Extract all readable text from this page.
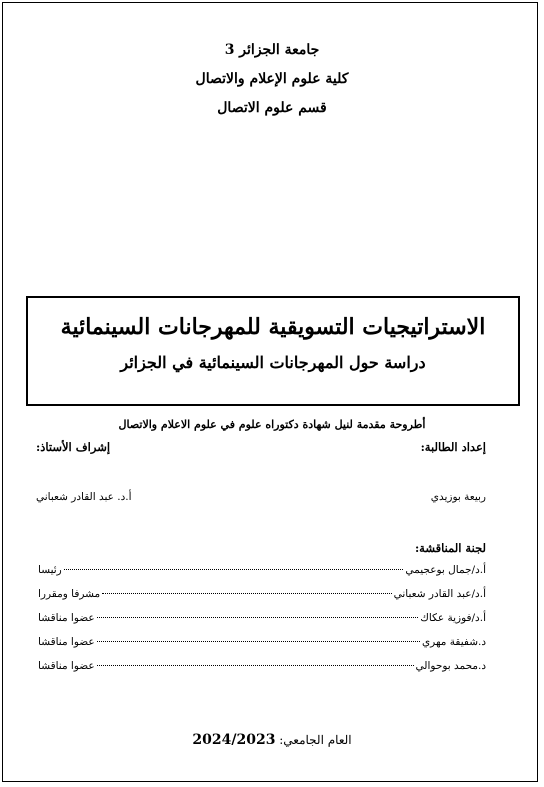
جامعة الجزائر 3
كلية علوم الإعلام والاتصال
قسم علوم الاتصال
الاستراتيجيات التسويقية للمهرجانات السينمائية
دراسة حول المهرجانات السينمائية في الجزائر
أطروحة مقدمة لنيل شهادة دكتوراه علوم في علوم الاعلام والاتصال
إعداد الطالبة:
ربيعة بوزيدي
إشراف الأستاذ:
أ.د. عبد القادر شعباني
لجنة المناقشة:
أ.د/جمال بوعجيمي
رئيسا
أ.د/عبد القادر شعباني
مشرفا ومقررا
أ.د/فوزية عكاك
عضوا مناقشا
د.شفيقة مهري
عضوا مناقشا
د.محمد بوحوالي
عضوا مناقشا
العام الجامعي: 2024/2023
